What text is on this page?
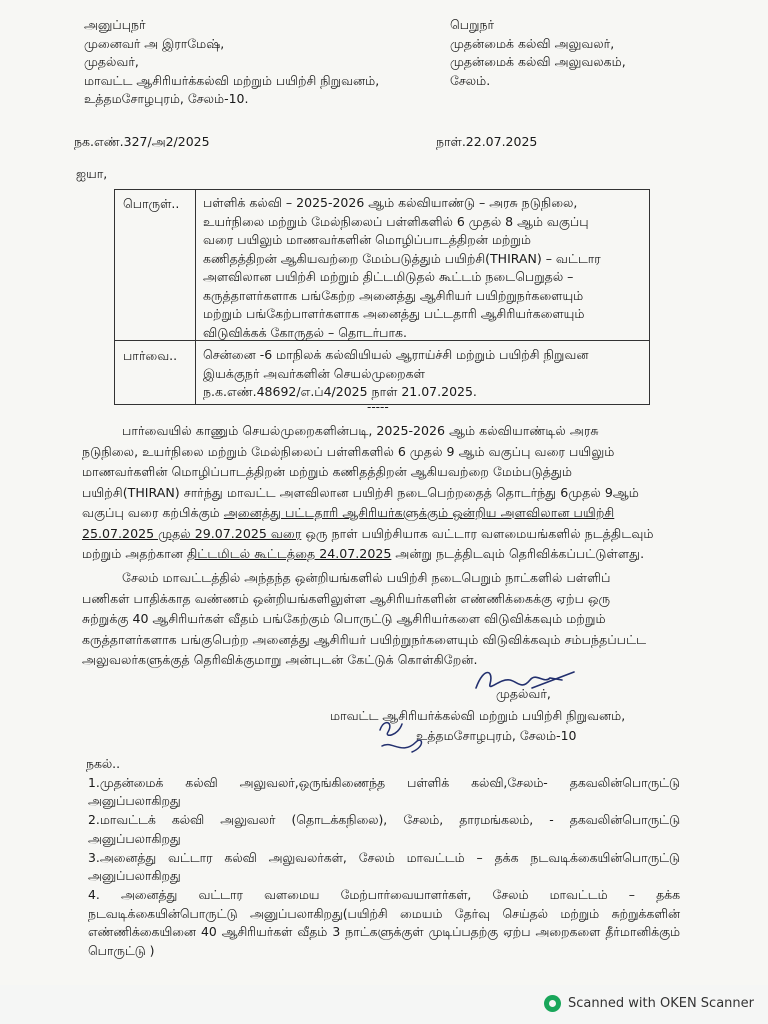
அனுப்புநர்
முனைவர் அ இராமேஷ்,
முதல்வர்,
மாவட்ட ஆசிரியர்க்கல்வி மற்றும் பயிற்சி நிறுவனம்,
உத்தமசோழபுரம், சேலம்-10.
பெறுநர்
முதன்மைக் கல்வி அலுவலர்,
முதன்மைக் கல்வி அலுவலகம்,
சேலம்.
நக.எண்.327/அ2/2025	நாள்.22.07.2025
ஐயா,
பொருள்.. பள்ளிக் கல்வி – 2025-2026 ஆம் கல்வியாண்டு – அரசு நடுநிலை,
உயர்நிலை மற்றும் மேல்நிலைப் பள்ளிகளில் 6 முதல் 8 ஆம் வகுப்பு
வரை பயிலும் மாணவர்களின் மொழிப்பாடத்திறன் மற்றும்
கணிதத்திறன் ஆகியவற்றை மேம்படுத்தும் பயிற்சி(THIRAN) – வட்டார
அளவிலான பயிற்சி மற்றும் திட்டமிடுதல் கூட்டம் நடைபெறுதல் –
கருத்தாளர்களாக பங்கேற்ற அனைத்து ஆசிரியர் பயிற்றுநர்களையும்
மற்றும் பங்கேற்பாளர்களாக அனைத்து பட்டதாரி ஆசிரியர்களையும்
விடுவிக்கக் கோருதல் – தொடர்பாக.
பார்வை.. சென்னை -6 மாநிலக் கல்வியியல் ஆராய்ச்சி மற்றும் பயிற்சி நிறுவன
இயக்குநர் அவர்களின் செயல்முறைகள்
ந.க.எண்.48692/எ.ப்4/2025 நாள் 21.07.2025.
-----

பார்வையில் காணும் செயல்முறைகளின்படி, 2025-2026 ஆம் கல்வியாண்டில் அரசு

நடுநிலை, உயர்நிலை மற்றும் மேல்நிலைப் பள்ளிகளில் 6 முதல் 9 ஆம் வகுப்பு வரை பயிலும்

மாணவர்களின் மொழிப்பாடத்திறன் மற்றும் கணிதத்திறன் ஆகியவற்றை மேம்படுத்தும்

பயிற்சி(THIRAN) சார்ந்து மாவட்ட அளவிலான பயிற்சி நடைபெற்றதைத் தொடர்ந்து 6முதல் 9ஆம்

வகுப்பு வரை கற்பிக்கும் அனைத்து பட்டதாரி ஆசிரியர்களுக்கும் ஒன்றிய அளவிலான பயிற்சி

25.07.2025 முதல் 29.07.2025 வரை ஒரு நாள் பயிற்சியாக வட்டார வளமையங்களில் நடத்திடவும்

மற்றும் அதற்கான திட்டமிடல் கூட்டத்தை 24.07.2025 அன்று நடத்திடவும் தெரிவிக்கப்பட்டுள்ளது.

சேலம் மாவட்டத்தில் அந்தந்த ஒன்றியங்களில் பயிற்சி நடைபெறும் நாட்களில் பள்ளிப்

பணிகள் பாதிக்காத வண்ணம் ஒன்றியங்களிலுள்ள ஆசிரியர்களின் எண்ணிக்கைக்கு ஏற்ப ஒரு

சுற்றுக்கு 40 ஆசிரியர்கள் வீதம் பங்கேற்கும் பொருட்டு ஆசிரியர்களை விடுவிக்கவும் மற்றும்

கருத்தாளர்களாக பங்குபெற்ற அனைத்து ஆசிரியர் பயிற்றுநர்களையும் விடுவிக்கவும் சம்பந்தப்பட்ட

அலுவலர்களுக்குத் தெரிவிக்குமாறு அன்புடன் கேட்டுக் கொள்கிறேன்.

முதல்வர்,
மாவட்ட ஆசிரியர்க்கல்வி மற்றும் பயிற்சி நிறுவனம்,
உத்தமசோழபுரம், சேலம்-10

நகல்..

1.முதன்மைக் கல்வி அலுவலர்,ஒருங்கிணைந்த பள்ளிக் கல்வி,சேலம்- தகவலின்பொருட்டு அனுப்பலாகிறது

2.மாவட்டக் கல்வி அலுவலர் (தொடக்கநிலை), சேலம், தாரமங்கலம், - தகவலின்பொருட்டு அனுப்பலாகிறது

3.அனைத்து வட்டார கல்வி அலுவலர்கள், சேலம் மாவட்டம் – தக்க நடவடிக்கையின்பொருட்டு அனுப்பலாகிறது

4. அனைத்து வட்டார வளமைய மேற்பார்வையாளர்கள், சேலம் மாவட்டம் – தக்க நடவடிக்கையின்பொருட்டு அனுப்பலாகிறது(பயிற்சி மையம் தேர்வு செய்தல் மற்றும் சுற்றுக்களின் எண்ணிக்கையினை 40 ஆசிரியர்கள் வீதம் 3 நாட்களுக்குள் முடிப்பதற்கு ஏற்ப அறைகளை தீர்மானிக்கும் பொருட்டு )

Scanned with OKEN Scanner
